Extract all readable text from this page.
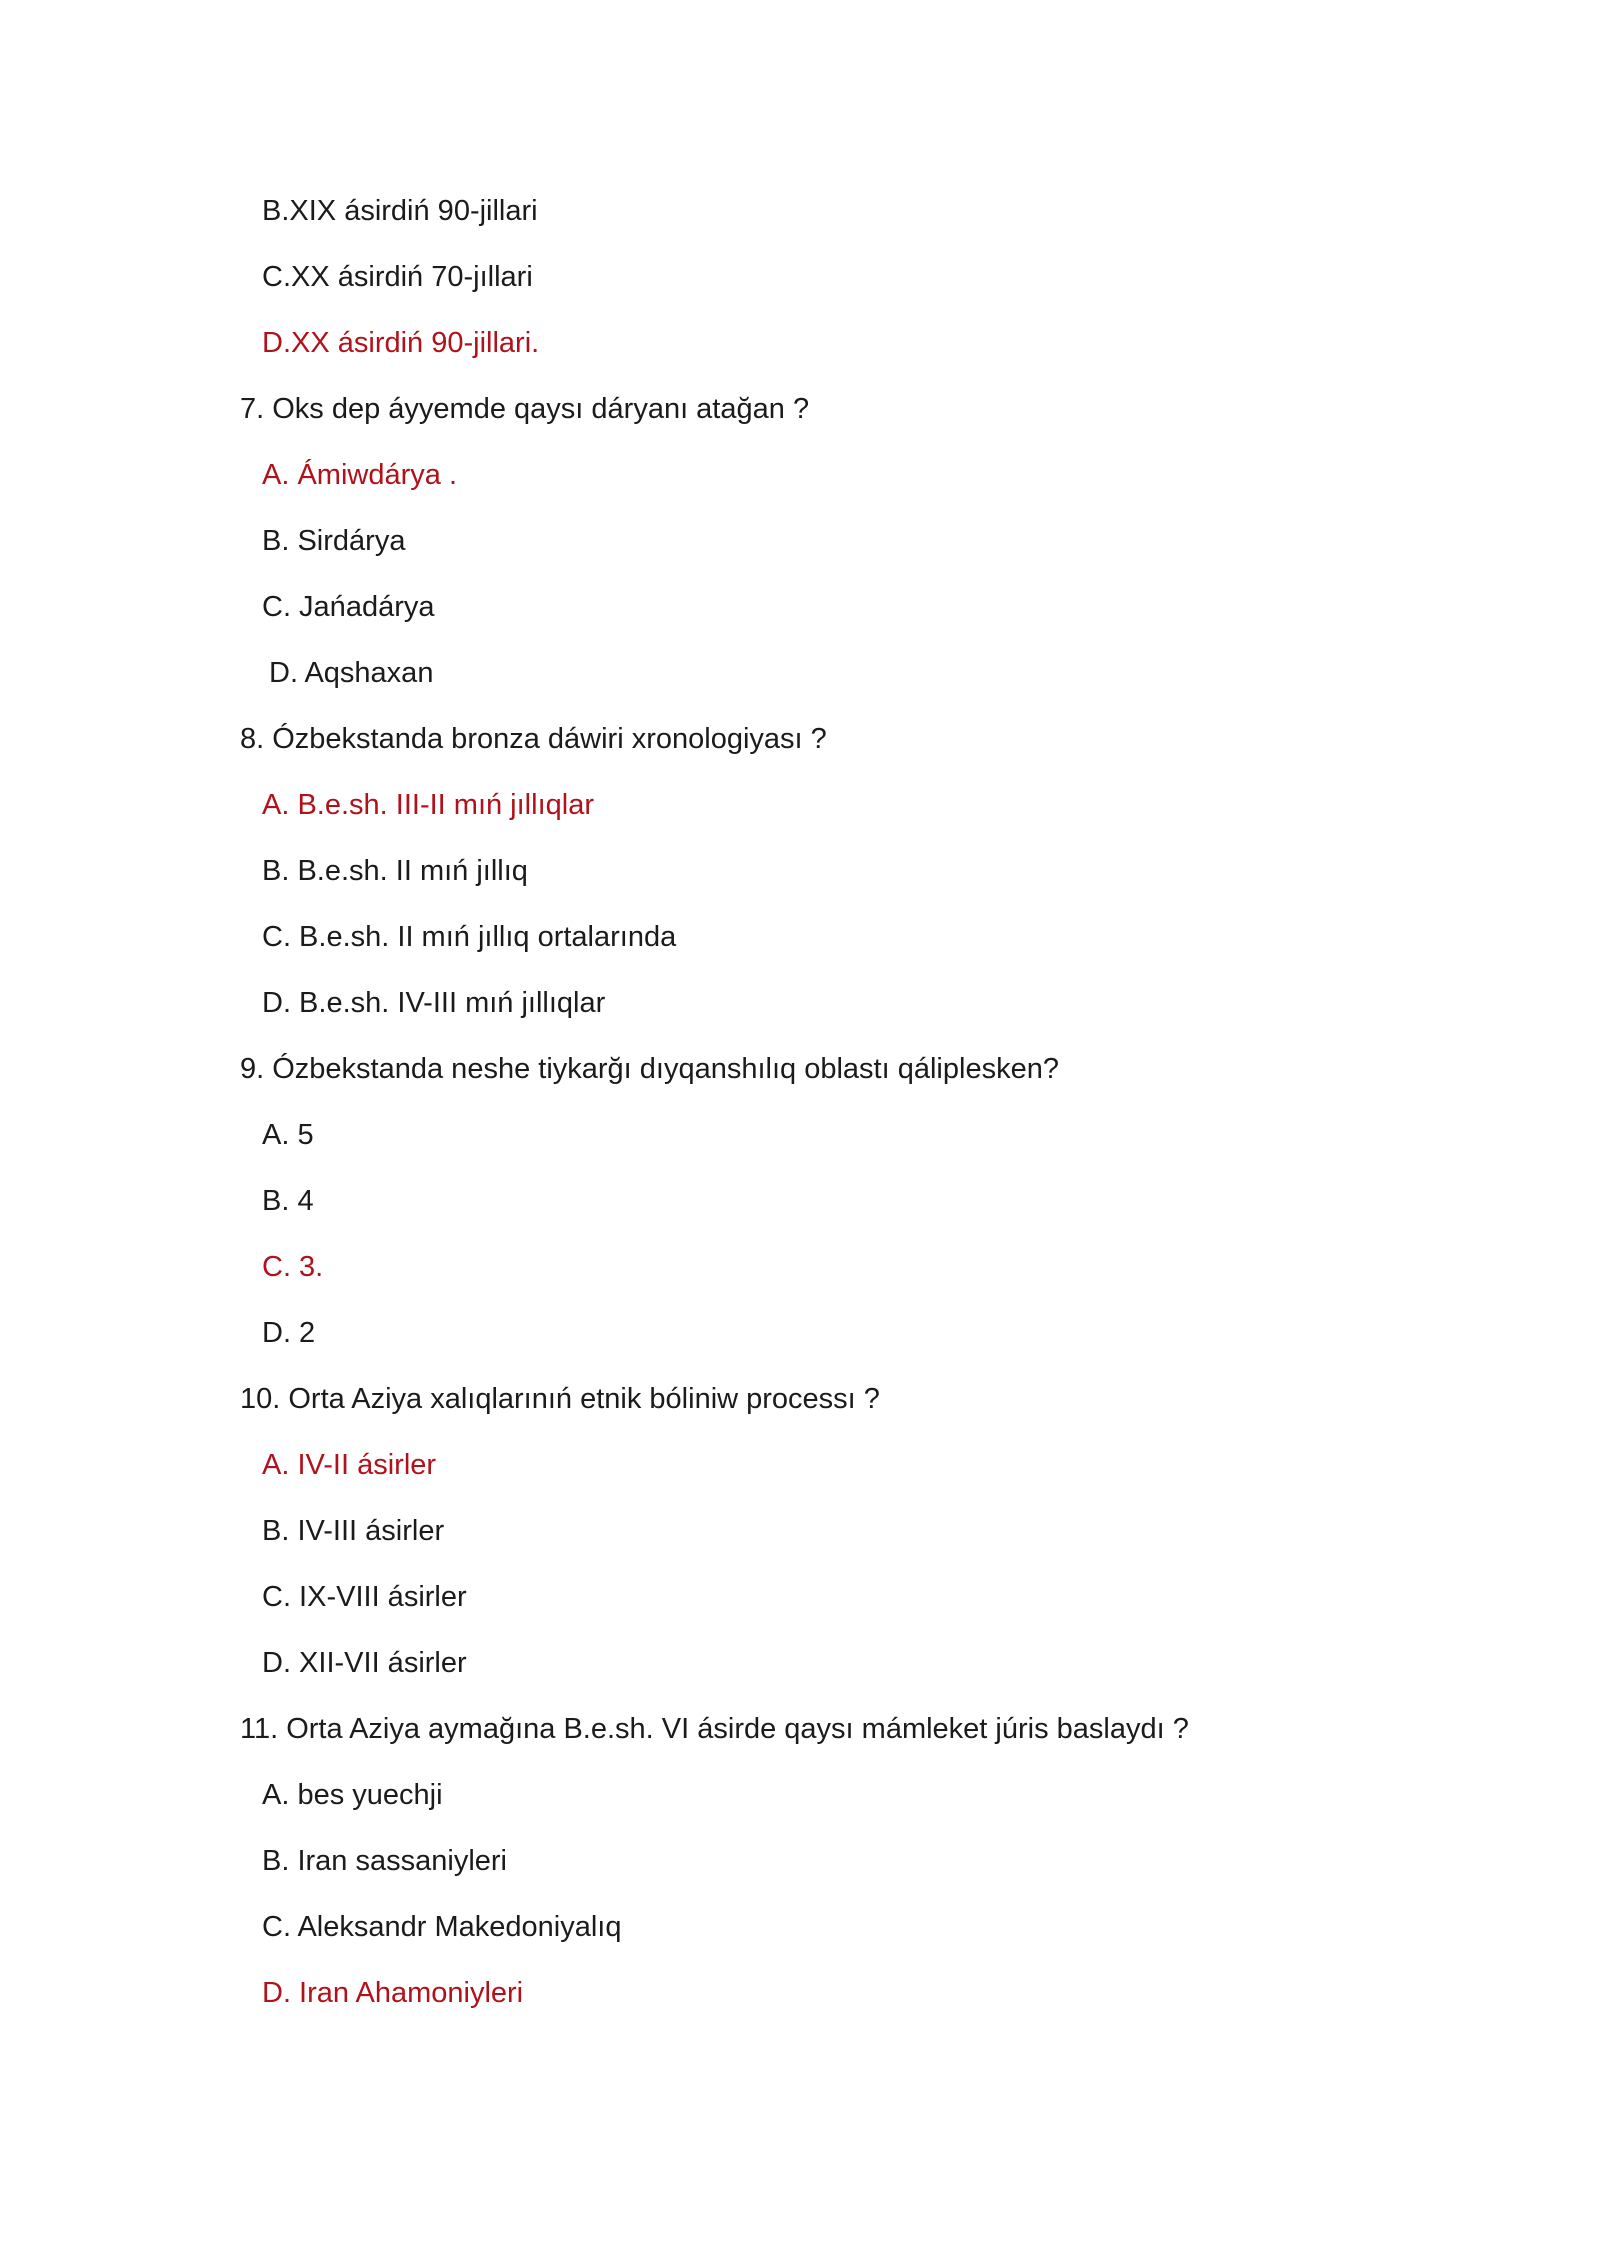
B.XIX ásirdiń 90-jillari

C.XX ásirdiń 70-jıllari

D.XX ásirdiń 90-jillari.

7. Oks dep áyyemde qaysı dáryanı atağan ?

A. Ámiwdárya .

B. Sirdárya

C. Jańadárya

D. Aqshaxan

8. Ózbekstanda bronza dáwiri xronologiyası ?

A. B.e.sh. III-II mıń jıllıqlar

B. B.e.sh. II mıń jıllıq

C. B.e.sh. II mıń jıllıq ortalarında

D. B.e.sh. IV-III mıń jıllıqlar

9. Ózbekstanda neshe tiykarğı dıyqanshılıq oblastı qáliplesken?

A. 5

B. 4

C. 3.

D. 2

10. Orta Aziya xalıqlarınıń etnik bóliniw processı ?

A. IV-II ásirler

B. IV-III ásirler

C. IX-VIII ásirler

D. XII-VII ásirler

11. Orta Aziya aymağına B.e.sh. VI ásirde qaysı mámleket júris baslaydı ?

A. bes yuechji

B. Iran sassaniyleri

C. Aleksandr Makedoniyalıq

D. Iran Ahamoniyleri
